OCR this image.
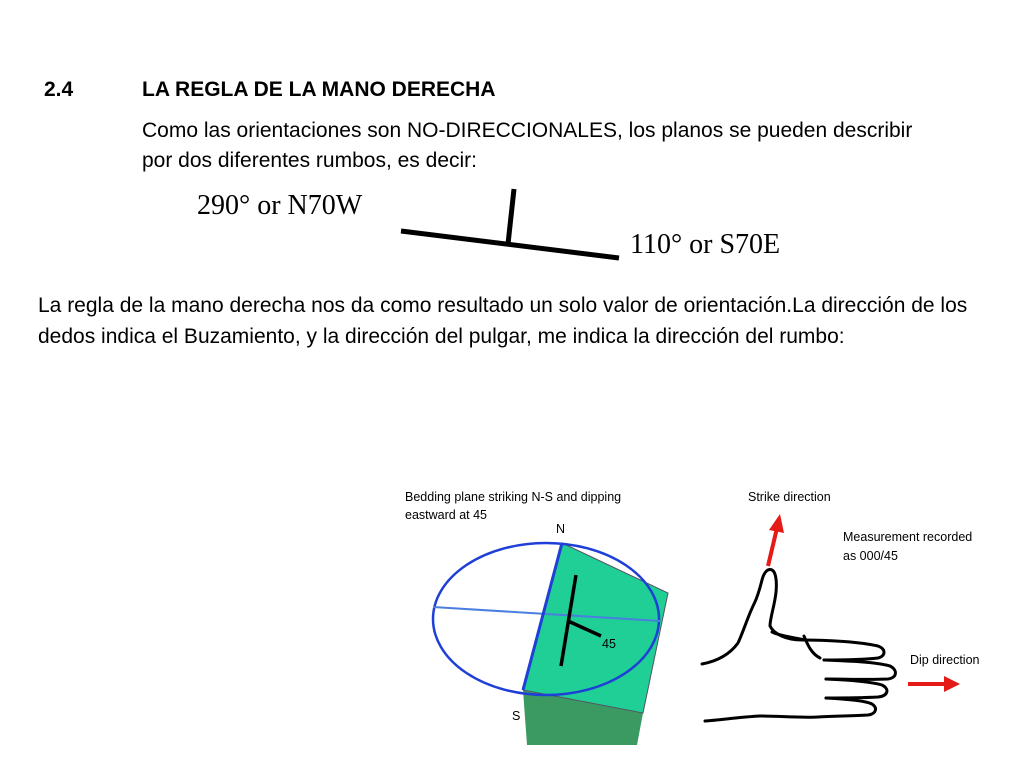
2.4	LA REGLA DE LA MANO DERECHA
Como las orientaciones son NO-DIRECCIONALES, los planos se pueden describir por dos diferentes rumbos, es decir:
290° or N70W
110° or S70E
La regla de la mano derecha nos da como resultado un solo valor de orientación.La dirección de los dedos indica el Buzamiento, y la dirección del pulgar, me indica la dirección del rumbo:
Bedding plane striking N-S and dipping
eastward at 45
N
S
45
Strike direction
Measurement recorded
as 000/45
Dip direction
